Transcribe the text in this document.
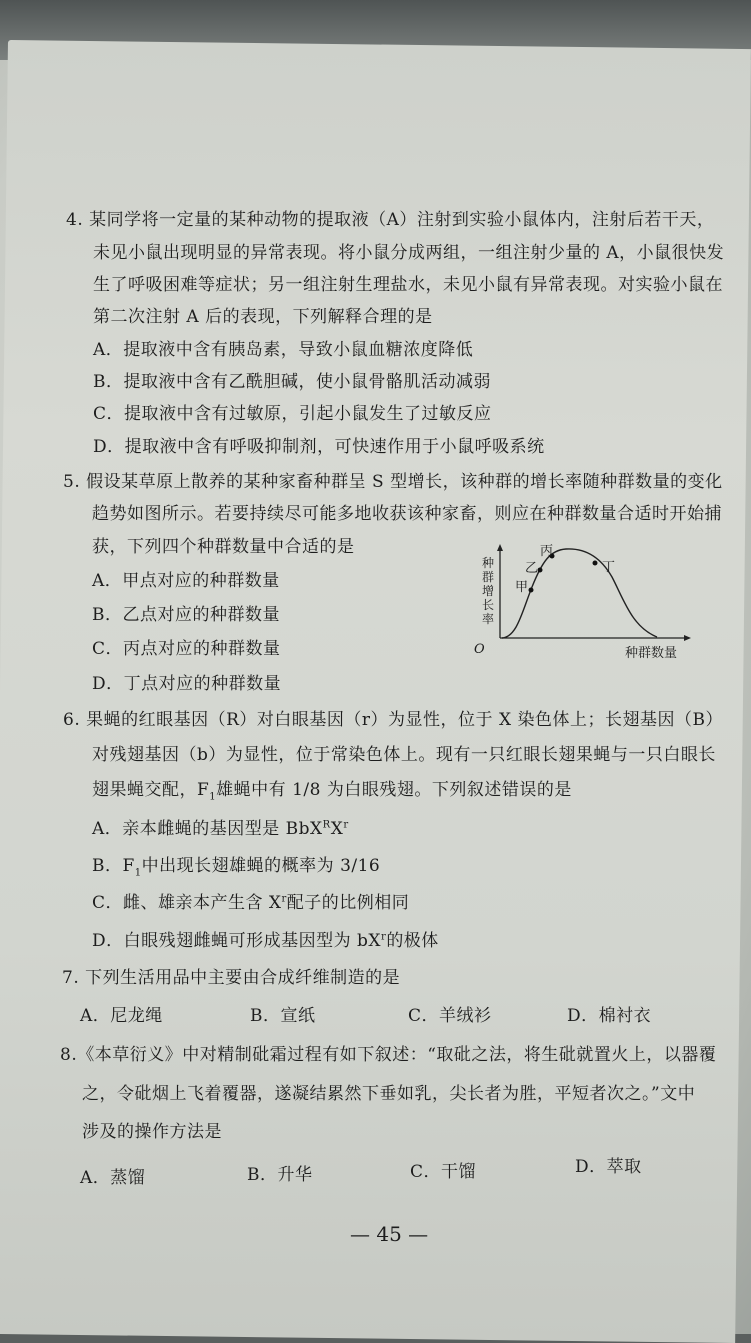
4. 某同学将一定量的某种动物的提取液（A）注射到实验小鼠体内，注射后若干天，
未见小鼠出现明显的异常表现。将小鼠分成两组，一组注射少量的 A，小鼠很快发
生了呼吸困难等症状；另一组注射生理盐水，未见小鼠有异常表现。对实验小鼠在
第二次注射 A 后的表现，下列解释合理的是
A．提取液中含有胰岛素，导致小鼠血糖浓度降低
B．提取液中含有乙酰胆碱，使小鼠骨骼肌活动减弱
C．提取液中含有过敏原，引起小鼠发生了过敏反应
D．提取液中含有呼吸抑制剂，可快速作用于小鼠呼吸系统
5. 假设某草原上散养的某种家畜种群呈 S 型增长，该种群的增长率随种群数量的变化
趋势如图所示。若要持续尽可能多地收获该种家畜，则应在种群数量合适时开始捕
获，下列四个种群数量中合适的是
A．甲点对应的种群数量
B．乙点对应的种群数量
C．丙点对应的种群数量
D．丁点对应的种群数量
种群增长率
种群数量
O
甲
乙
丙
丁
6. 果蝇的红眼基因（R）对白眼基因（r）为显性，位于 X 染色体上；长翅基因（B）
对残翅基因（b）为显性，位于常染色体上。现有一只红眼长翅果蝇与一只白眼长
翅果蝇交配，$F_1$雄蝇中有 1/8 为白眼残翅。下列叙述错误的是
A．亲本雌蝇的基因型是 $BbX^RX^r$
B．$F_1$中出现长翅雄蝇的概率为 3/16
C．雌、雄亲本产生含 $X^r$配子的比例相同
D．白眼残翅雌蝇可形成基因型为 $bX^r$的极体
7. 下列生活用品中主要由合成纤维制造的是
A．尼龙绳	B．宣纸	C．羊绒衫	D．棉衬衣
8.《本草衍义》中对精制砒霜过程有如下叙述：“取砒之法，将生砒就置火上，以器覆
之，令砒烟上飞着覆器，遂凝结累然下垂如乳，尖长者为胜，平短者次之。”文中
涉及的操作方法是
A．蒸馏	B．升华	C．干馏	D．萃取
— 45 —
